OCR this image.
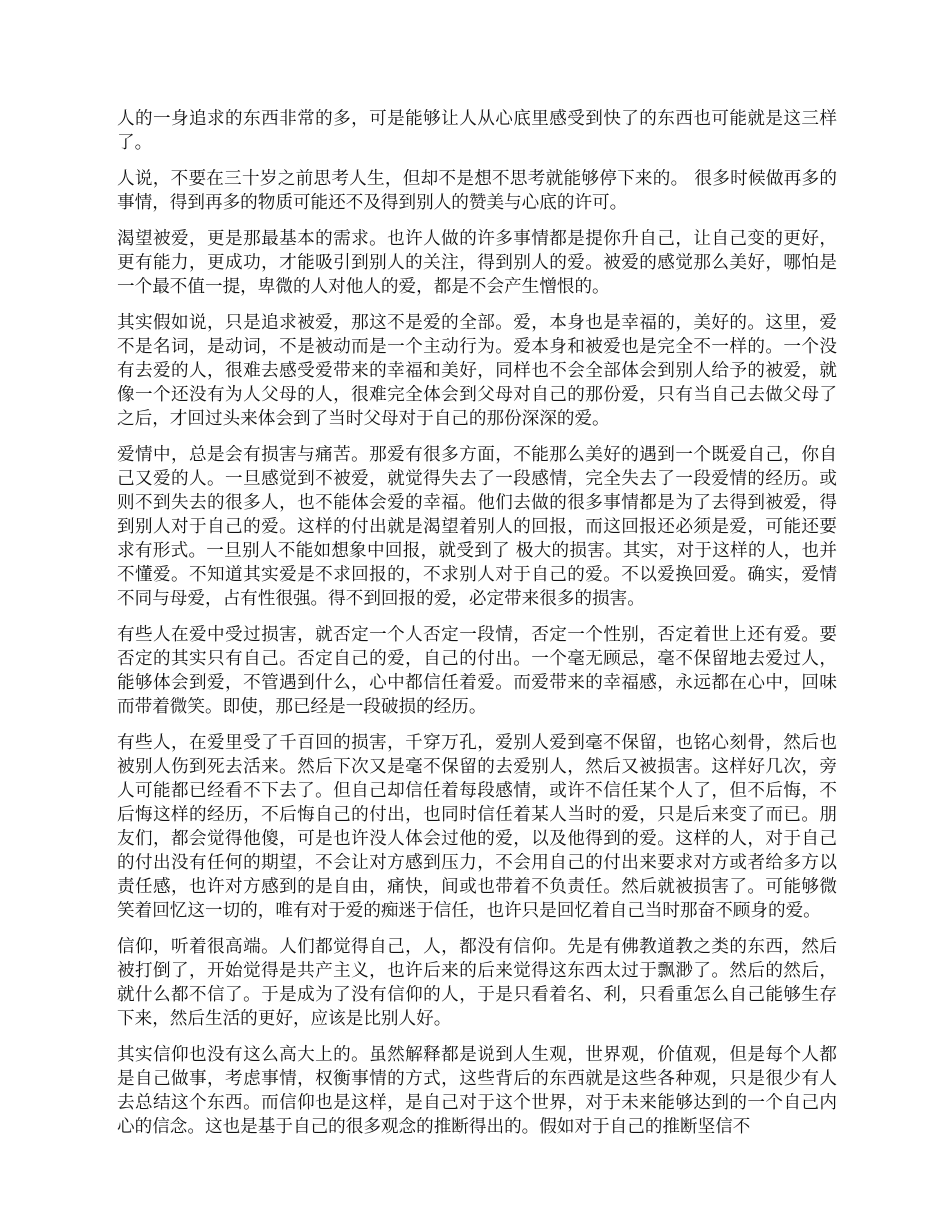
人的一身追求的东西非常的多，可是能够让人从心底里感受到快了的东西也可能就是这三样了。

人说，不要在三十岁之前思考人生，但却不是想不思考就能够停下来的。 很多时候做再多的事情，得到再多的物质可能还不及得到别人的赞美与心底的许可。

渴望被爱，更是那最基本的需求。也许人做的许多事情都是提你升自己，让自己变的更好，更有能力，更成功，才能吸引到别人的关注，得到别人的爱。被爱的感觉那么美好，哪怕是一个最不值一提，卑微的人对他人的爱，都是不会产生憎恨的。

其实假如说，只是追求被爱，那这不是爱的全部。爱，本身也是幸福的，美好的。这里，爱不是名词，是动词，不是被动而是一个主动行为。爱本身和被爱也是完全不一样的。一个没有去爱的人，很难去感受爱带来的幸福和美好，同样也不会全部体会到别人给予的被爱，就像一个还没有为人父母的人，很难完全体会到父母对自己的那份爱，只有当自己去做父母了之后，才回过头来体会到了当时父母对于自己的那份深深的爱。

爱情中，总是会有损害与痛苦。那爱有很多方面，不能那么美好的遇到一个既爱自己，你自己又爱的人。一旦感觉到不被爱，就觉得失去了一段感情，完全失去了一段爱情的经历。或则不到失去的很多人，也不能体会爱的幸福。他们去做的很多事情都是为了去得到被爱，得到别人对于自己的爱。这样的付出就是渴望着别人的回报，而这回报还必须是爱，可能还要求有形式。一旦别人不能如想象中回报，就受到了 极大的损害。其实，对于这样的人，也并不懂爱。不知道其实爱是不求回报的，不求别人对于自己的爱。不以爱换回爱。确实，爱情不同与母爱，占有性很强。得不到回报的爱，必定带来很多的损害。

有些人在爱中受过损害，就否定一个人否定一段情，否定一个性别，否定着世上还有爱。要否定的其实只有自己。否定自己的爱，自己的付出。一个毫无顾忌，毫不保留地去爱过人，能够体会到爱，不管遇到什么，心中都信任着爱。而爱带来的幸福感，永远都在心中，回味而带着微笑。即使，那已经是一段破损的经历。

有些人，在爱里受了千百回的损害，千穿万孔，爱别人爱到毫不保留，也铭心刻骨，然后也被别人伤到死去活来。然后下次又是毫不保留的去爱别人，然后又被损害。这样好几次，旁人可能都已经看不下去了。但自己却信任着每段感情，或许不信任某个人了，但不后悔，不后悔这样的经历，不后悔自己的付出，也同时信任着某人当时的爱，只是后来变了而已。朋友们，都会觉得他傻，可是也许没人体会过他的爱，以及他得到的爱。这样的人，对于自己的付出没有任何的期望，不会让对方感到压力，不会用自己的付出来要求对方或者给多方以责任感，也许对方感到的是自由，痛快，间或也带着不负责任。然后就被损害了。可能够微笑着回忆这一切的，唯有对于爱的痴迷于信任，也许只是回忆着自己当时那奋不顾身的爱。

信仰，听着很高端。人们都觉得自己，人，都没有信仰。先是有佛教道教之类的东西，然后被打倒了，开始觉得是共产主义，也许后来的后来觉得这东西太过于飘渺了。然后的然后，就什么都不信了。于是成为了没有信仰的人，于是只看着名、利，只看重怎么自己能够生存下来，然后生活的更好，应该是比别人好。

其实信仰也没有这么高大上的。虽然解释都是说到人生观，世界观，价值观，但是每个人都是自己做事，考虑事情，权衡事情的方式，这些背后的东西就是这些各种观，只是很少有人去总结这个东西。而信仰也是这样，是自己对于这个世界，对于未来能够达到的一个自己内心的信念。这也是基于自己的很多观念的推断得出的。假如对于自己的推断坚信不
